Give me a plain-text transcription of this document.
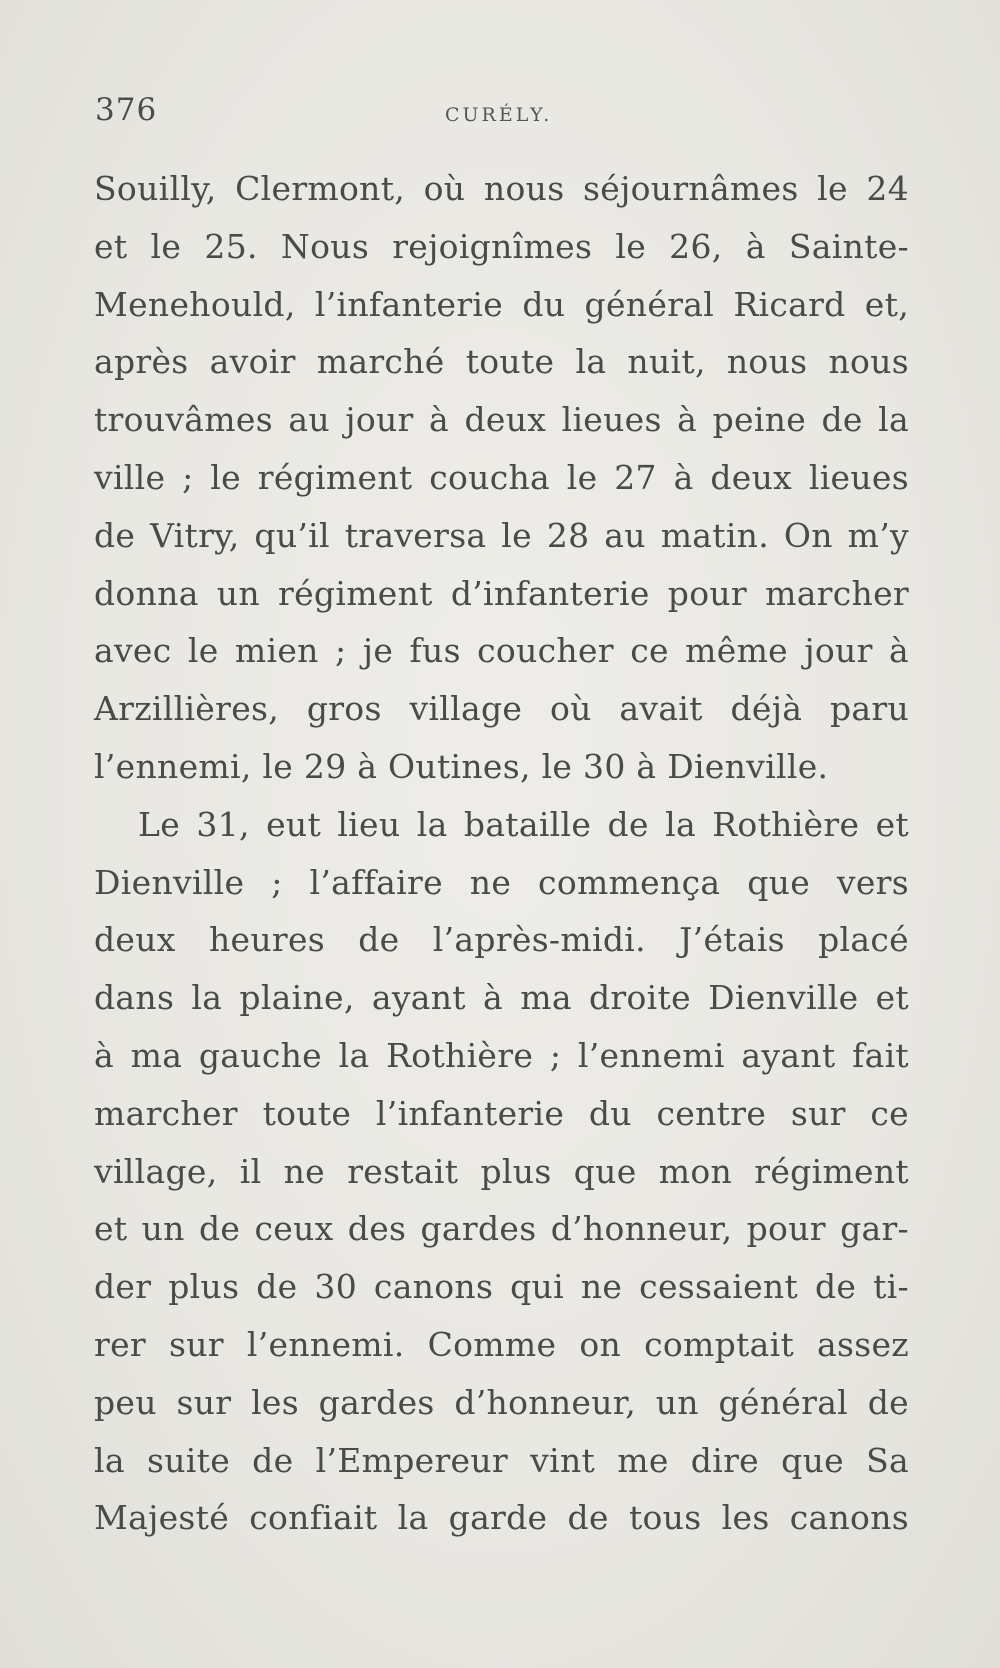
376	CURÉLY.
Souilly, Clermont, où nous séjournâmes le 24
et le 25. Nous rejoignîmes le 26, à Sainte-
Menehould, l’infanterie du général Ricard et,
après avoir marché toute la nuit, nous nous
trouvâmes au jour à deux lieues à peine de la
ville ; le régiment coucha le 27 à deux lieues
de Vitry, qu’il traversa le 28 au matin. On m’y
donna un régiment d’infanterie pour marcher
avec le mien ; je fus coucher ce même jour à
Arzillières, gros village où avait déjà paru
l’ennemi, le 29 à Outines, le 30 à Dienville.
Le 31, eut lieu la bataille de la Rothière et
Dienville ; l’affaire ne commença que vers
deux heures de l’après-midi. J’étais placé
dans la plaine, ayant à ma droite Dienville et
à ma gauche la Rothière ; l’ennemi ayant fait
marcher toute l’infanterie du centre sur ce
village, il ne restait plus que mon régiment
et un de ceux des gardes d’honneur, pour gar-
der plus de 30 canons qui ne cessaient de ti-
rer sur l’ennemi. Comme on comptait assez
peu sur les gardes d’honneur, un général de
la suite de l’Empereur vint me dire que Sa
Majesté confiait la garde de tous les canons
